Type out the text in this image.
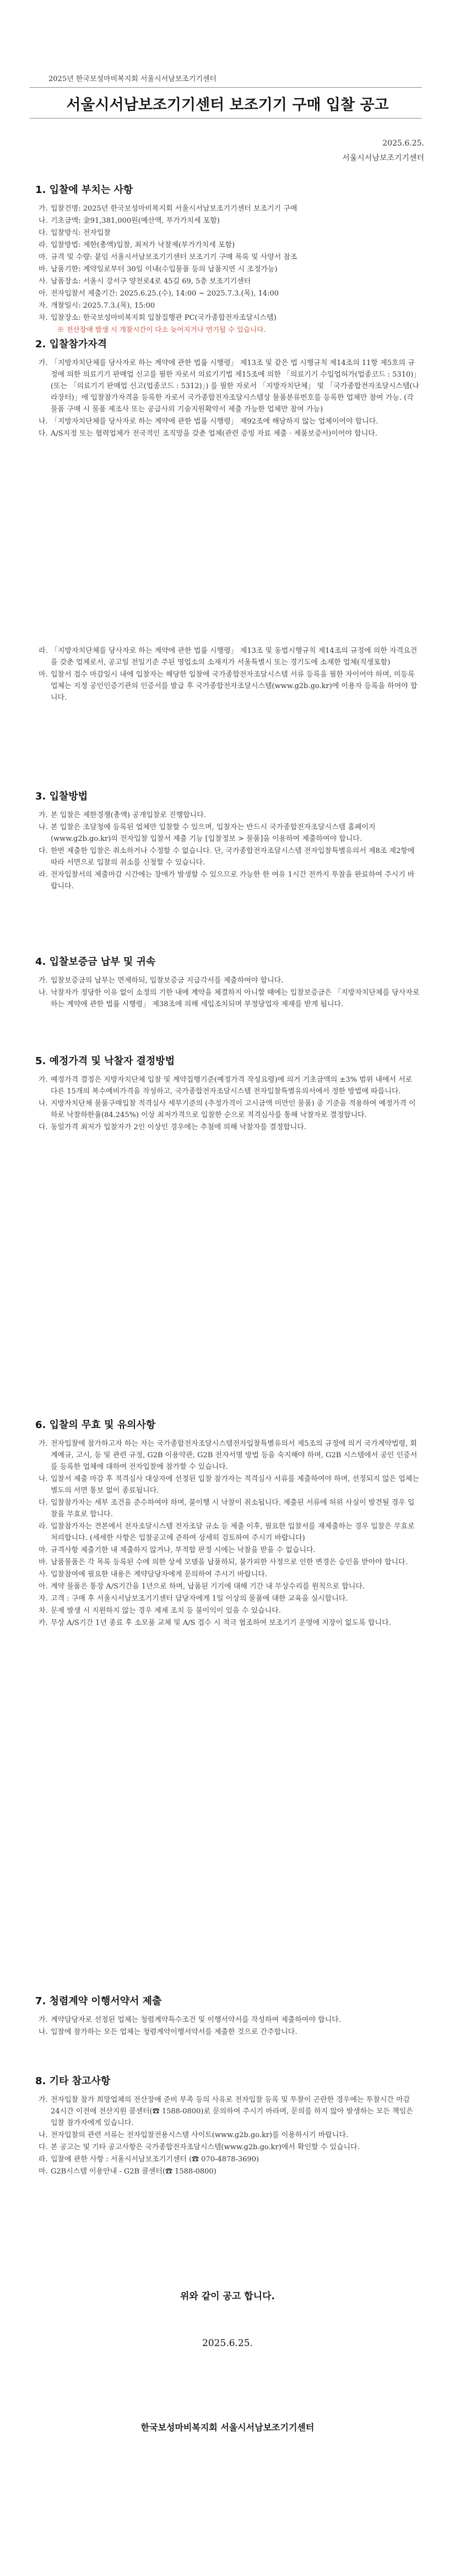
2025년 한국보성마비복지회 서울시서남보조기기센터
서울시서남보조기기센터 보조기기 구매 입찰 공고
2025.6.25.
서울시서남보조기기센터
1. 입찰에 부치는 사항
가. 입찰건명: 2025년 한국보성마비복지회 서울시서남보조기기센터 보조기기 구매
나. 기초금액: 金91,381,000원(예산액, 부가가치세 포함)
다. 입찰방식: 전자입찰
라. 입찰방법: 제한(총액)입찰, 최저가 낙찰제(부가가치세 포함)
마. 규격 및 수량: 붙임 서울시서남보조기기센터 보조기기 구매 목록 및 사양서 참조
바. 납품기한: 계약일로부터 30일 이내(수입물품 등의 납품지연 시 조정가능)
사. 납품장소: 서울시 강서구 양천로4로 45길 69, 5층 보조기기센터
아. 전자입찰서 제출기간: 2025.6.25.(수), 14:00 ~ 2025.7.3.(목), 14:00
자. 개찰일시: 2025.7.3.(목), 15:00
차. 입찰장소: 한국보성마비복지회 입찰집행관 PC(국가종합전자조달시스템)
※ 전산장애 발생 시 개찰시간이 다소 늦어지거나 연기될 수 있습니다.
2. 입찰참가자격
가. 「지방자치단체를 당사자로 하는 계약에 관한 법률 시행령」 제13조 및 같은 법 시행규칙 제14조의 11항 제5호의 규정에 의한 의료기기 판매업 신고를 필한 자로서 의료기기법 제15조에 의한 「의료기기 수입업허가(업종코드 : 5310)」 (또는 「의료기기 판매업 신고(업종코드 : 5312)」) 를 필한 자로서 「지방자치단체」 및 「국가종합전자조달시스템(나라장터)」에 입찰참가자격을 등록한 자로서 국가종합전자조달시스템상 물품분류번호를 등록한 업체만 참여 가능. (각 물품 구매 시 물품 제조사 또는 공급사의 기술지원확약서 제출 가능한 업체만 참여 가능)
나. 「지방자치단체를 당사자로 하는 계약에 관한 법률 시행령」 제92조에 해당하지 않는 업체이어야 합니다.
다. A/S지정 또는 협력업체가 전국적인 조직망을 갖춘 업체(관련 증빙 자료 제출 · 제품보증서)이어야 합니다.
라. 「지방자치단체를 당사자로 하는 계약에 관한 법률 시행령」 제13조 및 동법시행규칙 제14조의 규정에 의한 자격요건을 갖춘 업체로서, 공고일 전일기준 주된 영업소의 소재지가 서울특별시 또는 경기도에 소재한 업체(직생포함)
마. 입찰서 접수 마감일시 내에 입찰자는 해당한 입찰에 국가종합전자조달시스템 서류 등록을 필한 자이어야 하며, 미등록 업체는 지정 공인인증기관의 인증서를 발급 후 국가종합전자조달시스템(www.g2b.go.kr)에 이용자 등록을 하여야 합니다.
3. 입찰방법
가. 본 입찰은 제한경쟁(총액) 공개입찰로 진행합니다.
나. 본 입찰은 조달청에 등록된 업체만 입찰할 수 있으며, 입찰자는 반드시 국가종합전자조달시스템 홈페이지(www.g2b.go.kr)의 전자입찰 입찰서 제출 기능 [입찰정보 > 물품]을 이용하여 제출하여야 합니다.
다. 한번 제출한 입찰은 취소하거나 수정할 수 없습니다. 단, 국가종합전자조달시스템 전자입찰특별유의서 제8조 제2항에 따라 서면으로 입찰의 취소를 신청할 수 있습니다.
라. 전자입찰서의 제출마감 시간에는 장애가 발생할 수 있으므로 가능한 한 여유 1시간 전까지 투찰을 완료하여 주시기 바랍니다.
4. 입찰보증금 납부 및 귀속
가. 입찰보증금의 납부는 면제하되, 입찰보증금 지급각서를 제출하여야 합니다.
나. 낙찰자가 정당한 이유 없이 소정의 기한 내에 계약을 체결하지 아니할 때에는 입찰보증금은 「지방자치단체를 당사자로 하는 계약에 관한 법률 시행령」 제38조에 의해 세입조치되며 부정당업자 제재를 받게 됩니다.
5. 예정가격 및 낙찰자 결정방법
가. 예정가격 결정은 지방자치단체 입찰 및 계약집행기준(예정가격 작성요령)에 의거 기초금액의 ±3% 범위 내에서 서로 다른 15개의 복수예비가격을 작성하고, 국가종합전자조달시스템 전자입찰특별유의서에서 정한 방법에 따릅니다.
나. 지방자치단체 물품구매입찰 적격심사 세부기준의 (추정가격이 고시금액 미만인 물품) 중 기준을 적용하여 예정가격 이하로 낙찰하한율(84.245%) 이상 최저가격으로 입찰한 순으로 적격심사를 통해 낙찰자로 결정합니다.
다. 동일가격 최저가 입찰자가 2인 이상인 경우에는 추첨에 의해 낙찰자를 결정합니다.
6. 입찰의 무효 및 유의사항
가. 전자입찰에 참가하고자 하는 자는 국가종합전자조달시스템전자입찰특별유의서 제5조의 규정에 의거 국가계약법령, 회계예규, 고시, 등 및 관련 규정, G2B 이용약관, G2B 전자서명 방법 등을 숙지해야 하며, G2B 시스템에서 공인 인증서를 등록한 업체에 대하여 전자입찰에 참가할 수 있습니다.
나. 입찰서 제출 마감 후 적격심사 대상자에 선정된 입찰 참가자는 적격심사 서류를 제출하여야 하며, 선정되지 않은 업체는 별도의 서면 통보 없이 종료됩니다.
다. 입찰참가자는 세부 조건을 준수하여야 하며, 불이행 시 낙찰이 취소됩니다. 제출된 서류에 허위 사실이 발견될 경우 입찰을 무효로 합니다.
라. 입찰참가자는 견본에서 전자조달시스템 전자조달 규소 등 제출 이후, 필요한 입찰서를 재제출하는 경우 입찰은 무효로 처리합니다. (세세한 사항은 입찰공고에 준하여 상세히 검토하여 주시기 바랍니다)
마. 규격사항 제출기한 내 제출하지 않거나, 부적합 판정 시에는 낙찰을 받을 수 없습니다.
바. 납품물품은 각 목록 등록된 수에 의한 상세 모델을 납품하되, 불가피한 사정으로 인한 변경은 승인을 받아야 합니다.
사. 입찰참여에 필요한 내용은 계약담당자에게 문의하여 주시기 바랍니다.
아. 계약 물품은 통장 A/S기간을 1년으로 하며, 납품된 기기에 대해 기간 내 무상수리를 원칙으로 합니다.
자. 고객 : 구매 후 서울시서남보조기기센터 담당자에게 1일 이상의 물품에 대한 교육을 실시합니다.
차. 문제 발생 시 지원하지 않는 경우 제재 조치 등 불이익이 있을 수 있습니다.
카. 무상 A/S기간 1년 종료 후 소모품 교체 및 A/S 접수 시 적극 협조하여 보조기기 운영에 지장이 없도록 합니다.
7. 청렴계약 이행서약서 제출
가. 계약담당자로 선정된 업체는 청렴계약특수조건 및 이행서약서를 작성하여 제출하여야 합니다.
나. 입찰에 참가하는 모든 업체는 청렴계약이행서약서를 제출한 것으로 간주합니다.
8. 기타 참고사항
가. 전자입찰 참가 희망업체의 전산장애 준비 부족 등의 사유로 전자입찰 등록 및 투찰이 곤란한 경우에는 투찰시간 마감 24시간 이전에 전산지원 콜센터(☎ 1588-0800)로 문의하여 주시기 바라며, 문의를 하지 않아 발생하는 모든 책임은 입찰 참가자에게 있습니다.
나. 전자입찰의 관련 서류는 전자입찰전용시스템 사이트(www.g2b.go.kr)를 이용하시기 바랍니다.
다. 본 공고는 및 기타 공고사항은 국가종합전자조달시스템(www.g2b.go.kr)에서 확인할 수 있습니다.
라. 입찰에 관한 사항 : 서울시서남보조기기센터 (☎ 070-4878-3690)
마. G2B시스템 이용안내 - G2B 콜센터(☎ 1588-0800)
위와 같이 공고 합니다.
2025.6.25.
한국보성마비복지회 서울시서남보조기기센터
